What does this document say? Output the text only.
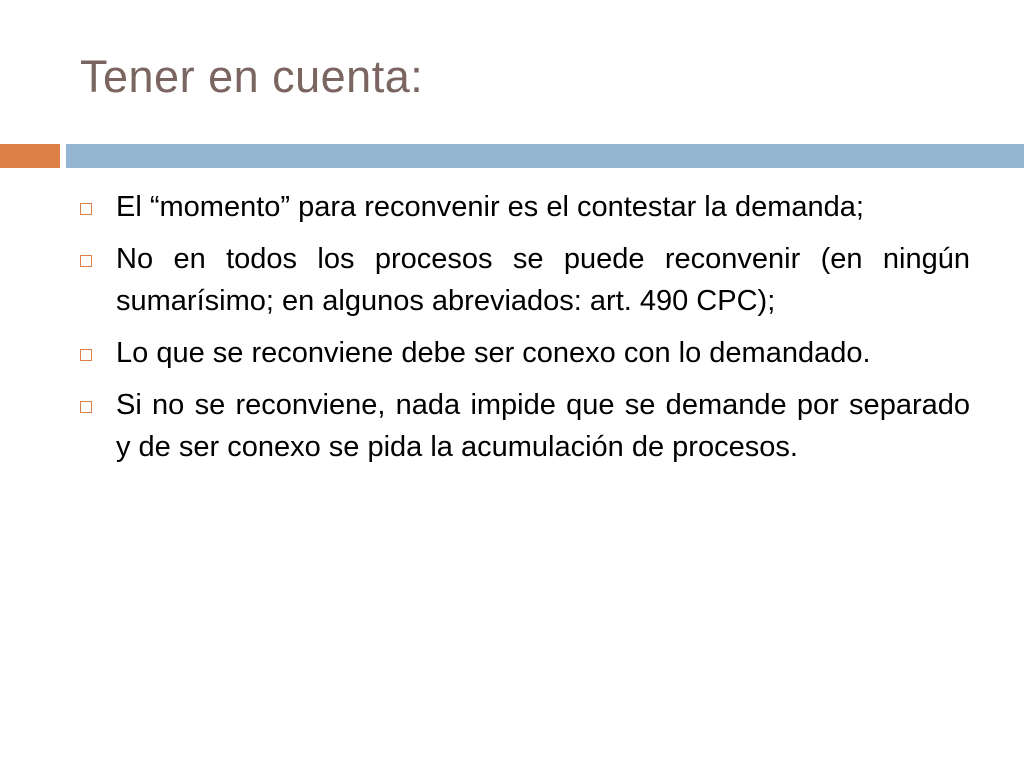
Tener en cuenta:
El “momento” para reconvenir es el contestar la demanda;
No en todos los procesos se puede reconvenir (en ningún sumarísimo; en algunos abreviados: art. 490 CPC);
Lo que se reconviene debe ser conexo con lo demandado.
Si no se reconviene, nada impide que se demande por separado y de ser conexo se pida la acumulación de procesos.
